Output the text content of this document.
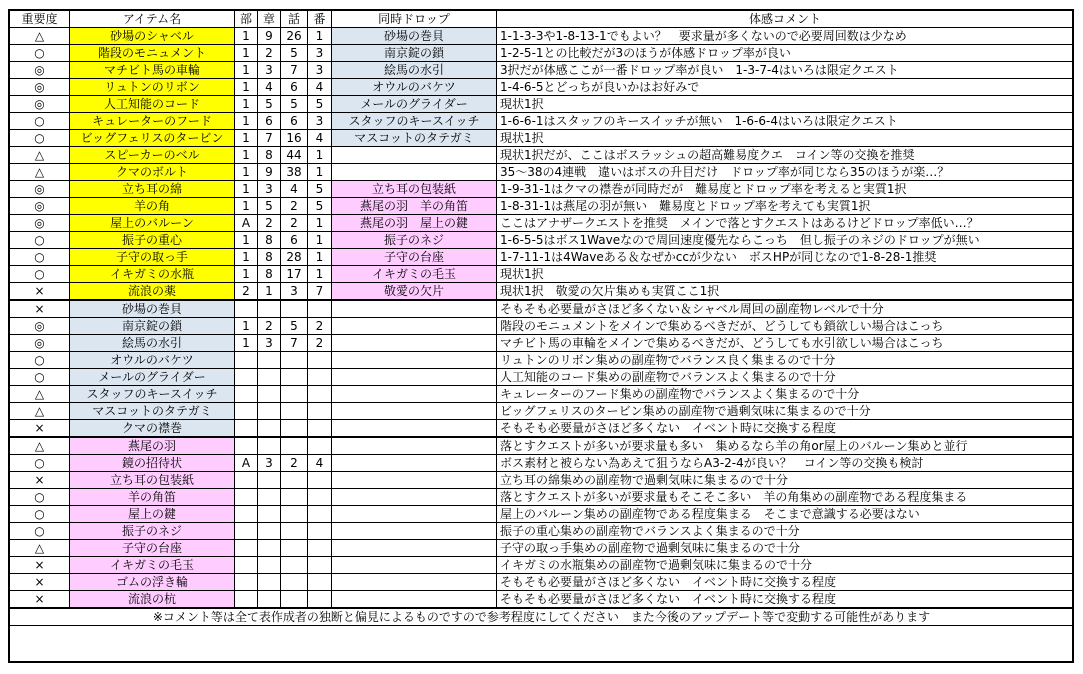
重要度	アイテム名	部	章	話	番	同時ドロップ	体感コメント
△	砂場のシャベル	1	9	26	1	砂場の巻貝	1-1-3-3や1-8-13-1でもよい？　要求量が多くないので必要周回数は少なめ
○	階段のモニュメント	1	2	5	3	南京錠の鎖	1-2-5-1との比較だが3のほうが体感ドロップ率が良い
◎	マチビト馬の車輪	1	3	7	3	絵馬の水引	3択だが体感ここが一番ドロップ率が良い　1-3-7-4はいろは限定クエスト
◎	リュトンのリボン	1	4	6	4	オウルのバケツ	1-4-6-5とどっちが良いかはお好みで
◎	人工知能のコード	1	5	5	5	メールのグライダー	現状1択
○	キュレーターのフード	1	6	6	3	スタッフのキースイッチ	1-6-6-1はスタッフのキースイッチが無い　1-6-6-4はいろは限定クエスト
○	ビッグフェリスのタービン	1	7	16	4	マスコットのタテガミ	現状1択
△	スピーカーのベル	1	8	44	1		現状1択だが、ここはボスラッシュの超高難易度クエ　コイン等の交換を推奨
△	クマのボルト	1	9	38	1		35～38の4連戦　違いはボスの升目だけ　ドロップ率が同じなら35のほうが楽…？
◎	立ち耳の綿	1	3	4	5	立ち耳の包装紙	1-9-31-1はクマの襟巻が同時だが　難易度とドロップ率を考えると実質1択
◎	羊の角	1	5	2	5	燕尾の羽　羊の角笛	1-8-31-1は燕尾の羽が無い　難易度とドロップ率を考えても実質1択
◎	屋上のバルーン	A	2	2	1	燕尾の羽　屋上の鍵	ここはアナザークエストを推奨　メインで落とすクエストはあるけどドロップ率低い…？
○	振子の重心	1	8	6	1	振子のネジ	1-6-5-5はボス1Waveなので周回速度優先ならこっち　但し振子のネジのドロップが無い
○	子守の取っ手	1	8	28	1	子守の台座	1-7-11-1は4Waveある＆なぜかccが少ない　ボスHPが同じなので1-8-28-1推奨
○	イキガミの水瓶	1	8	17	1	イキガミの毛玉	現状1択
×	流浪の薬	2	1	3	7	敬愛の欠片	現状1択　敬愛の欠片集めも実質ここ1択
×	砂場の巻貝						そもそも必要量がさほど多くない＆シャベル周回の副産物レベルで十分
◎	南京錠の鎖	1	2	5	2		階段のモニュメントをメインで集めるべきだが、どうしても鎖欲しい場合はこっち
◎	絵馬の水引	1	3	7	2		マチビト馬の車輪をメインで集めるべきだが、どうしても水引欲しい場合はこっち
○	オウルのバケツ						リュトンのリボン集めの副産物でバランス良く集まるので十分
○	メールのグライダー						人工知能のコード集めの副産物でバランスよく集まるので十分
△	スタッフのキースイッチ						キュレーターのフード集めの副産物でバランスよく集まるので十分
△	マスコットのタテガミ						ビッグフェリスのタービン集めの副産物で過剰気味に集まるので十分
×	クマの襟巻						そもそも必要量がさほど多くない　イベント時に交換する程度
△	燕尾の羽						落とすクエストが多いが要求量も多い　集めるなら羊の角or屋上のバルーン集めと並行
○	鏡の招待状	A	3	2	4		ボス素材と被らない為あえて狙うならA3-2-4が良い？　コイン等の交換も検討
×	立ち耳の包装紙						立ち耳の綿集めの副産物で過剰気味に集まるので十分
○	羊の角笛						落とすクエストが多いが要求量もそこそこ多い　羊の角集めの副産物である程度集まる
○	屋上の鍵						屋上のバルーン集めの副産物である程度集まる　そこまで意識する必要はない
○	振子のネジ						振子の重心集めの副産物でバランスよく集まるので十分
△	子守の台座						子守の取っ手集めの副産物で過剰気味に集まるので十分
×	イキガミの毛玉						イキガミの水瓶集めの副産物で過剰気味に集まるので十分
×	ゴムの浮き輪						そもそも必要量がさほど多くない　イベント時に交換する程度
×	流浪の杭						そもそも必要量がさほど多くない　イベント時に交換する程度
※コメント等は全て表作成者の独断と偏見によるものですので参考程度にしてください　また今後のアップデート等で変動する可能性があります							
